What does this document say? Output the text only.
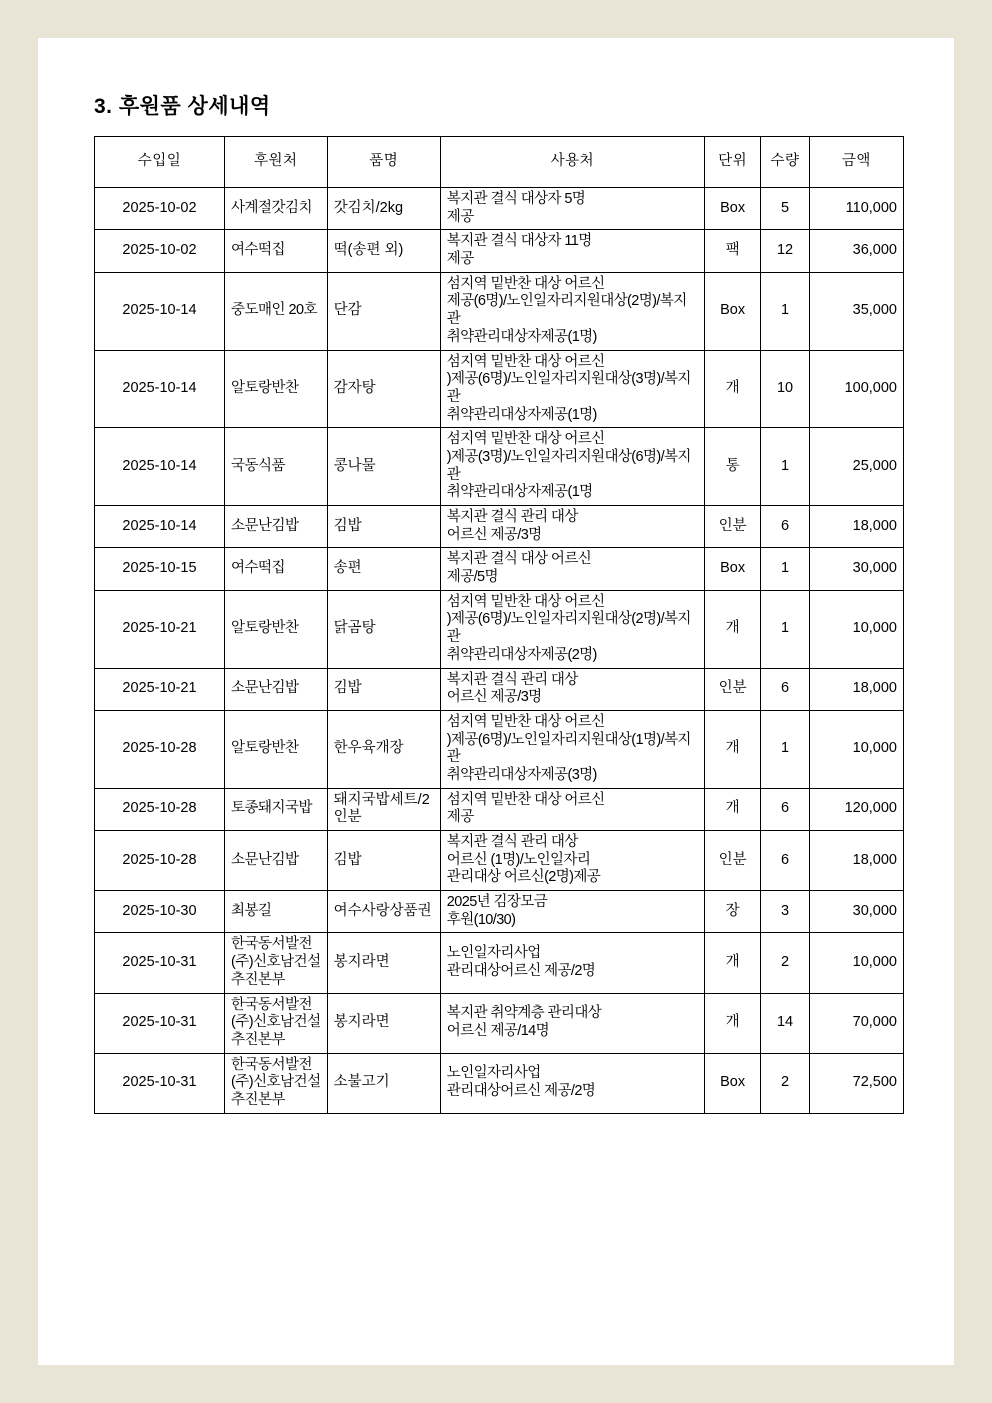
3. 후원품 상세내역
수입일	후원처	품명	사용처	단위	수량	금액
2025-10-02	사계절갓김치	갓김치/2kg	복지관 결식 대상자 5명
제공	Box	5	110,000
2025-10-02	여수떡집	떡(송편 외)	복지관 결식 대상자 11명
제공	팩	12	36,000
2025-10-14	중도매인 20호	단감	섬지역 밑반찬 대상 어르신
제공(6명)/노인일자리지원대상(2명)/복지관
취약관리대상자제공(1명)	Box	1	35,000
2025-10-14	알토랑반찬	감자탕	섬지역 밑반찬 대상 어르신
)제공(6명)/노인일자리지원대상(3명)/복지관
취약관리대상자제공(1명)	개	10	100,000
2025-10-14	국동식품	콩나물	섬지역 밑반찬 대상 어르신
)제공(3명)/노인일자리지원대상(6명)/복지관
취약관리대상자제공(1명	통	1	25,000
2025-10-14	소문난김밥	김밥	복지관 결식 관리 대상
어르신 제공/3명	인분	6	18,000
2025-10-15	여수떡집	송편	복지관 결식 대상 어르신
제공/5명	Box	1	30,000
2025-10-21	알토랑반찬	닭곰탕	섬지역 밑반찬 대상 어르신
)제공(6명)/노인일자리지원대상(2명)/복지관
취약관리대상자제공(2명)	개	1	10,000
2025-10-21	소문난김밥	김밥	복지관 결식 관리 대상
어르신 제공/3명	인분	6	18,000
2025-10-28	알토랑반찬	한우육개장	섬지역 밑반찬 대상 어르신
)제공(6명)/노인일자리지원대상(1명)/복지관
취약관리대상자제공(3명)	개	1	10,000
2025-10-28	토종돼지국밥	돼지국밥세트/2인분	섬지역 밑반찬 대상 어르신
제공	개	6	120,000
2025-10-28	소문난김밥	김밥	복지관 결식 관리 대상
어르신 (1명)/노인일자리
관리대상 어르신(2명)제공	인분	6	18,000
2025-10-30	최봉길	여수사랑상품권	2025년 김장모금
후원(10/30)	장	3	30,000
2025-10-31	한국동서발전(주)신호남건설추진본부	봉지라면	노인일자리사업
관리대상어르신 제공/2명	개	2	10,000
2025-10-31	한국동서발전(주)신호남건설추진본부	봉지라면	복지관 취약계층 관리대상
어르신 제공/14명	개	14	70,000
2025-10-31	한국동서발전(주)신호남건설추진본부	소불고기	노인일자리사업
관리대상어르신 제공/2명	Box	2	72,500
